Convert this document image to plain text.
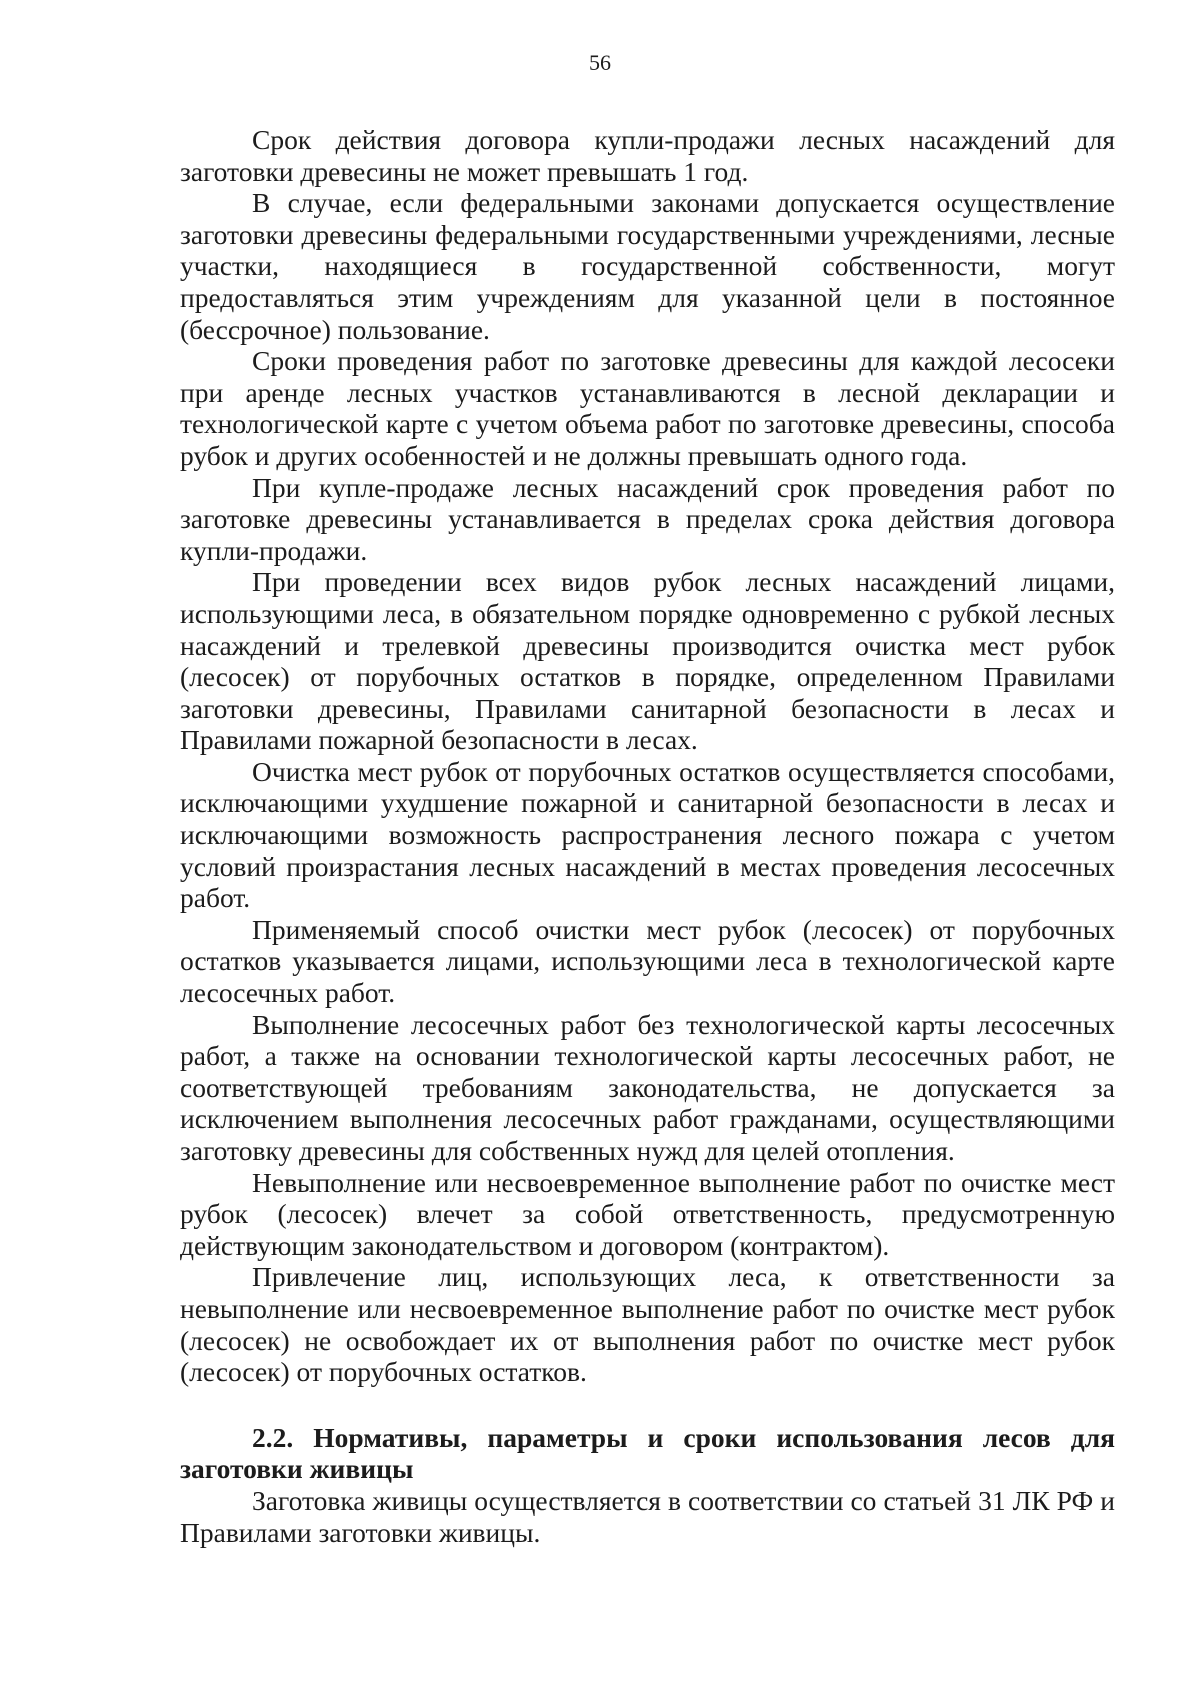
56

Срок действия договора купли-продажи лесных насаждений для заготовки древесины не может превышать 1 год.

В случае, если федеральными законами допускается осуществление заготовки древесины федеральными государственными учреждениями, лесные участки, находящиеся в государственной собственности, могут предоставляться этим учреждениям для указанной цели в постоянное (бессрочное) пользование.

Сроки проведения работ по заготовке древесины для каждой лесосеки при аренде лесных участков устанавливаются в лесной декларации и технологической карте с учетом объема работ по заготовке древесины, способа рубок и других особенностей и не должны превышать одного года.

При купле-продаже лесных насаждений срок проведения работ по заготовке древесины устанавливается в пределах срока действия договора купли-продажи.

При проведении всех видов рубок лесных насаждений лицами, использующими леса, в обязательном порядке одновременно с рубкой лесных насаждений и трелевкой древесины производится очистка мест рубок (лесосек) от порубочных остатков в порядке, определенном Правилами заготовки древесины, Правилами санитарной безопасности в лесах и Правилами пожарной безопасности в лесах.

Очистка мест рубок от порубочных остатков осуществляется способами, исключающими ухудшение пожарной и санитарной безопасности в лесах и исключающими возможность распространения лесного пожара с учетом условий произрастания лесных насаждений в местах проведения лесосечных работ.

Применяемый способ очистки мест рубок (лесосек) от порубочных остатков указывается лицами, использующими леса в технологической карте лесосечных работ.

Выполнение лесосечных работ без технологической карты лесосечных работ, а также на основании технологической карты лесосечных работ, не соответствующей требованиям законодательства, не допускается за исключением выполнения лесосечных работ гражданами, осуществляющими заготовку древесины для собственных нужд для целей отопления.

Невыполнение или несвоевременное выполнение работ по очистке мест рубок (лесосек) влечет за собой ответственность, предусмотренную действующим законодательством и договором (контрактом).

Привлечение лиц, использующих леса, к ответственности за невыполнение или несвоевременное выполнение работ по очистке мест рубок (лесосек) не освобождает их от выполнения работ по очистке мест рубок (лесосек) от порубочных остатков.

2.2. Нормативы, параметры и сроки использования лесов для заготовки живицы

Заготовка живицы осуществляется в соответствии со статьей 31 ЛК РФ и Правилами заготовки живицы.
